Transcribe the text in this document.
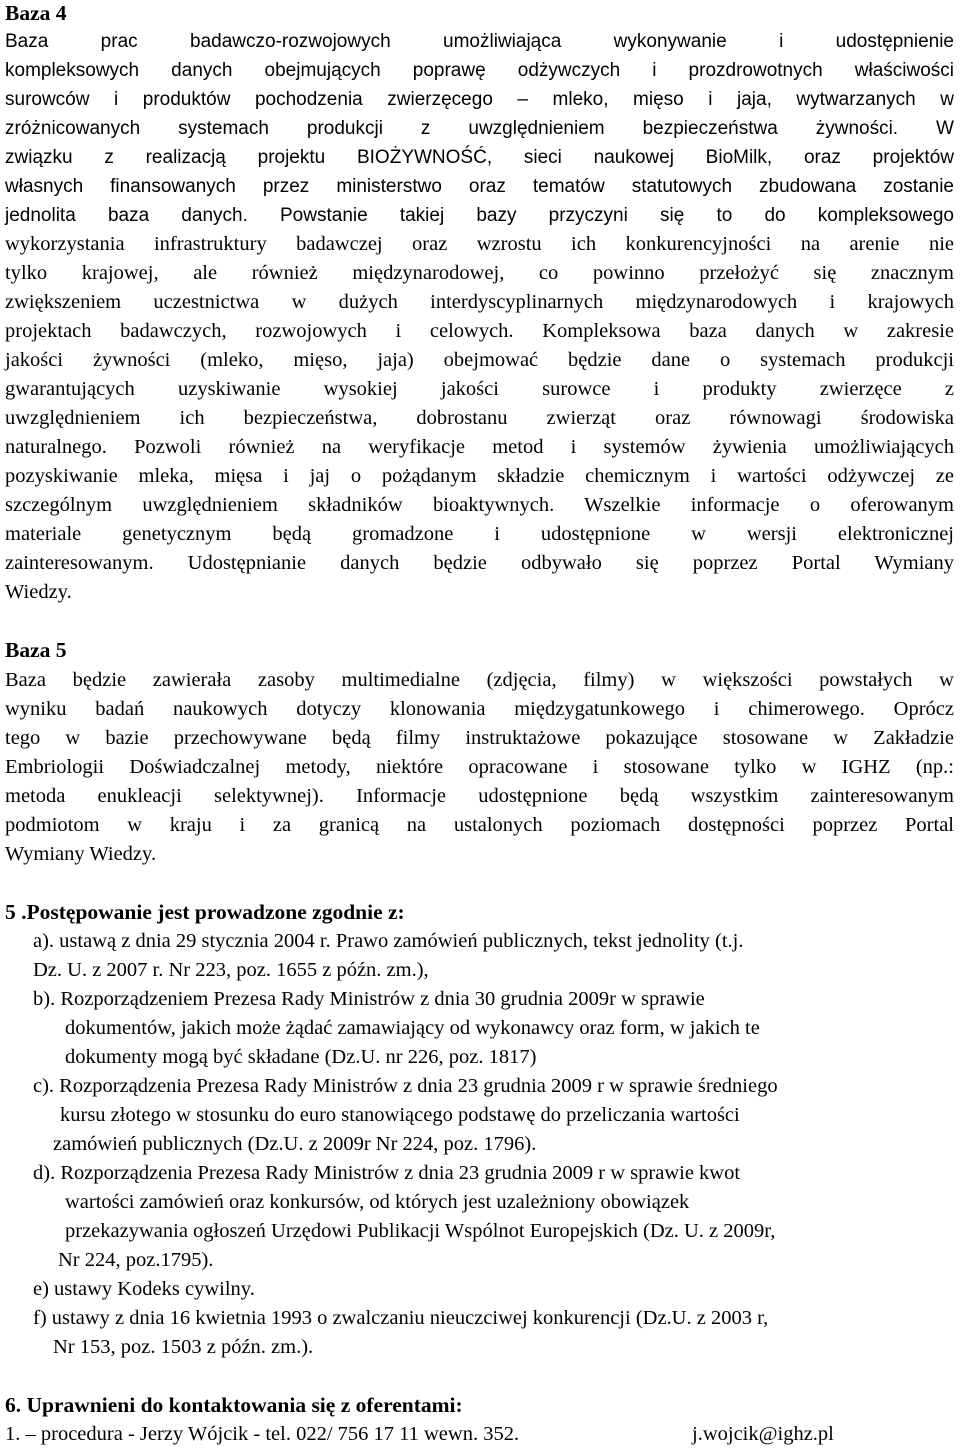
Baza 4
Baza prac badawczo-rozwojowych umożliwiająca wykonywanie i udostępnienie
kompleksowych danych obejmujących poprawę odżywczych i prozdrowotnych właściwości
surowców i produktów pochodzenia zwierzęcego – mleko, mięso i jaja, wytwarzanych w
zróżnicowanych systemach produkcji z uwzględnieniem bezpieczeństwa żywności. W
związku z realizacją projektu BIOŻYWNOŚĆ, sieci naukowej BioMilk, oraz projektów
własnych finansowanych przez ministerstwo oraz tematów statutowych zbudowana zostanie
jednolita baza danych. Powstanie takiej bazy przyczyni się to do kompleksowego
wykorzystania infrastruktury badawczej oraz wzrostu ich konkurencyjności na arenie nie
tylko krajowej, ale również międzynarodowej, co powinno przełożyć się znacznym
zwiększeniem uczestnictwa w dużych interdyscyplinarnych międzynarodowych i krajowych
projektach badawczych, rozwojowych i celowych. Kompleksowa baza danych w zakresie
jakości żywności (mleko, mięso, jaja) obejmować będzie dane o systemach produkcji
gwarantujących uzyskiwanie wysokiej jakości surowce i produkty zwierzęce z
uwzględnieniem ich bezpieczeństwa, dobrostanu zwierząt oraz równowagi środowiska
naturalnego. Pozwoli również na weryfikacje metod i systemów żywienia umożliwiających
pozyskiwanie mleka, mięsa i jaj o pożądanym składzie chemicznym i wartości odżywczej ze
szczególnym uwzględnieniem składników bioaktywnych. Wszelkie informacje o oferowanym
materiale genetycznym będą gromadzone i udostępnione w wersji elektronicznej
zainteresowanym. Udostępnianie danych będzie odbywało się poprzez Portal Wymiany
Wiedzy.
Baza 5
Baza będzie zawierała zasoby multimedialne (zdjęcia, filmy) w większości powstałych w
wyniku badań naukowych dotyczy klonowania międzygatunkowego i chimerowego. Oprócz
tego w bazie przechowywane będą filmy instruktażowe pokazujące stosowane w Zakładzie
Embriologii Doświadczalnej metody, niektóre opracowane i stosowane tylko w IGHZ (np.:
metoda enukleacji selektywnej). Informacje udostępnione będą wszystkim zainteresowanym
podmiotom w kraju i za granicą na ustalonych poziomach dostępności poprzez Portal
Wymiany Wiedzy.
5 .Postępowanie jest prowadzone zgodnie z:
a). ustawą z dnia 29 stycznia 2004 r. Prawo zamówień publicznych, tekst jednolity (t.j.
Dz. U. z 2007 r. Nr 223, poz. 1655 z późn. zm.),
b). Rozporządzeniem Prezesa Rady Ministrów z dnia 30 grudnia 2009r w sprawie
dokumentów, jakich może żądać zamawiający od wykonawcy oraz form, w jakich te
dokumenty mogą być składane (Dz.U. nr 226, poz. 1817)
c). Rozporządzenia Prezesa Rady Ministrów z dnia 23 grudnia 2009 r w sprawie średniego
kursu złotego w stosunku do euro stanowiącego podstawę do przeliczania wartości
zamówień publicznych (Dz.U. z 2009r Nr 224, poz. 1796).
d). Rozporządzenia Prezesa Rady Ministrów z dnia 23 grudnia 2009 r w sprawie kwot
wartości zamówień oraz konkursów, od których jest uzależniony obowiązek
przekazywania ogłoszeń Urzędowi Publikacji Wspólnot Europejskich (Dz. U. z 2009r,
Nr 224, poz.1795).
e) ustawy Kodeks cywilny.
f) ustawy z dnia 16 kwietnia 1993 o zwalczaniu nieuczciwej konkurencji (Dz.U. z 2003 r,
Nr 153, poz. 1503 z późn. zm.).
6. Uprawnieni do kontaktowania się z oferentami:
1. – procedura - Jerzy Wójcik - tel. 022/ 756 17 11 wewn. 352.	j.wojcik@ighz.pl
